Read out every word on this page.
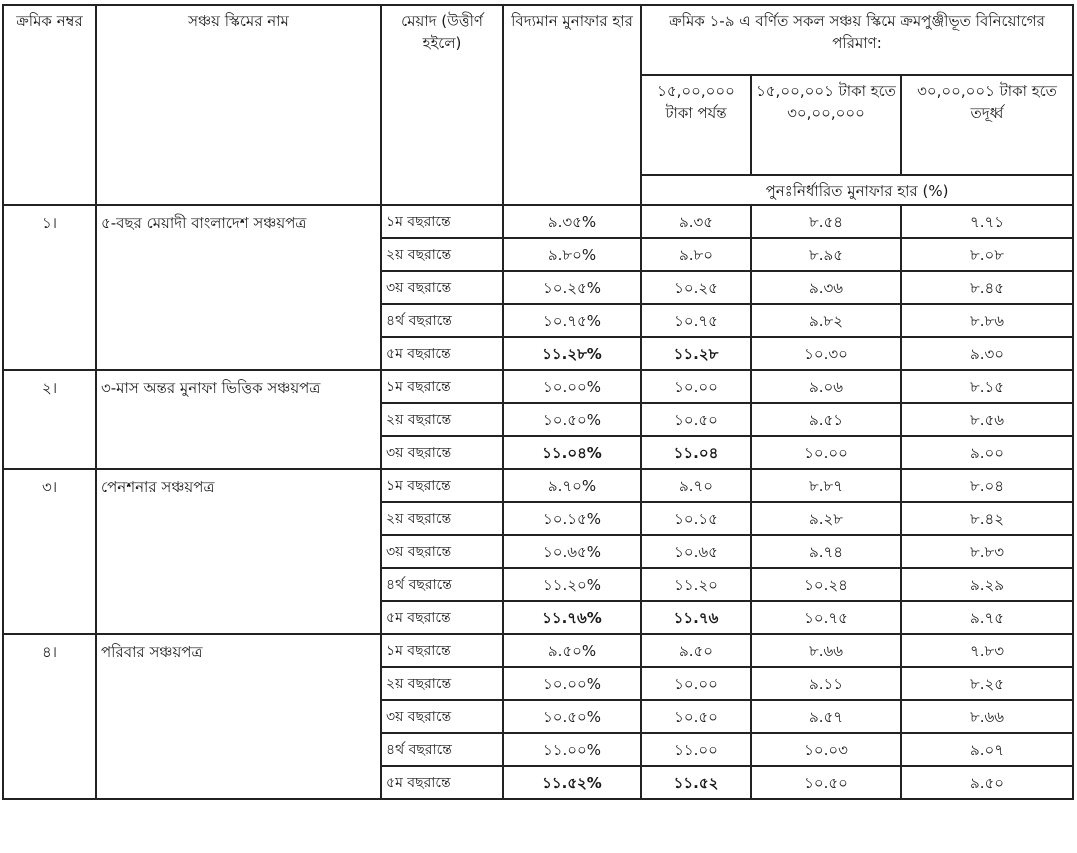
ক্রমিক নম্বর	সঞ্চয় স্কিমের নাম	মেয়াদ (উত্তীর্ণ হইলে)	বিদ্যমান মুনাফার হার	ক্রমিক ১-৯ এ বর্ণিত সকল সঞ্চয় স্কিমে ক্রমপুঞ্জীভূত বিনিয়োগের পরিমাণ:		
				১৫,০০,০০০ টাকা পর্যন্ত	১৫,০০,০০১ টাকা হতে ৩০,০০,০০০	৩০,০০,০০১ টাকা হতে তদূর্ধ্ব
				পুনঃনির্ধারিত মুনাফার হার (%)		
১।	৫-বছর মেয়াদী বাংলাদেশ সঞ্চয়পত্র	১ম বছরান্তে	৯.৩৫%	৯.৩৫	৮.৫৪	৭.৭১
		২য় বছরান্তে	৯.৮০%	৯.৮০	৮.৯৫	৮.০৮
		৩য় বছরান্তে	১০.২৫%	১০.২৫	৯.৩৬	৮.৪৫
		৪র্থ বছরান্তে	১০.৭৫%	১০.৭৫	৯.৮২	৮.৮৬
		৫ম বছরান্তে	১১.২৮%	১১.২৮	১০.৩০	৯.৩০
২।	৩-মাস অন্তর মুনাফা ভিত্তিক সঞ্চয়পত্র	১ম বছরান্তে	১০.০০%	১০.০০	৯.০৬	৮.১৫
		২য় বছরান্তে	১০.৫০%	১০.৫০	৯.৫১	৮.৫৬
		৩য় বছরান্তে	১১.০৪%	১১.০৪	১০.০০	৯.০০
৩।	পেনশনার সঞ্চয়পত্র	১ম বছরান্তে	৯.৭০%	৯.৭০	৮.৮৭	৮.০৪
		২য় বছরান্তে	১০.১৫%	১০.১৫	৯.২৮	৮.৪২
		৩য় বছরান্তে	১০.৬৫%	১০.৬৫	৯.৭৪	৮.৮৩
		৪র্থ বছরান্তে	১১.২০%	১১.২০	১০.২৪	৯.২৯
		৫ম বছরান্তে	১১.৭৬%	১১.৭৬	১০.৭৫	৯.৭৫
৪।	পরিবার সঞ্চয়পত্র	১ম বছরান্তে	৯.৫০%	৯.৫০	৮.৬৬	৭.৮৩
		২য় বছরান্তে	১০.০০%	১০.০০	৯.১১	৮.২৫
		৩য় বছরান্তে	১০.৫০%	১০.৫০	৯.৫৭	৮.৬৬
		৪র্থ বছরান্তে	১১.০০%	১১.০০	১০.০৩	৯.০৭
		৫ম বছরান্তে	১১.৫২%	১১.৫২	১০.৫০	৯.৫০
